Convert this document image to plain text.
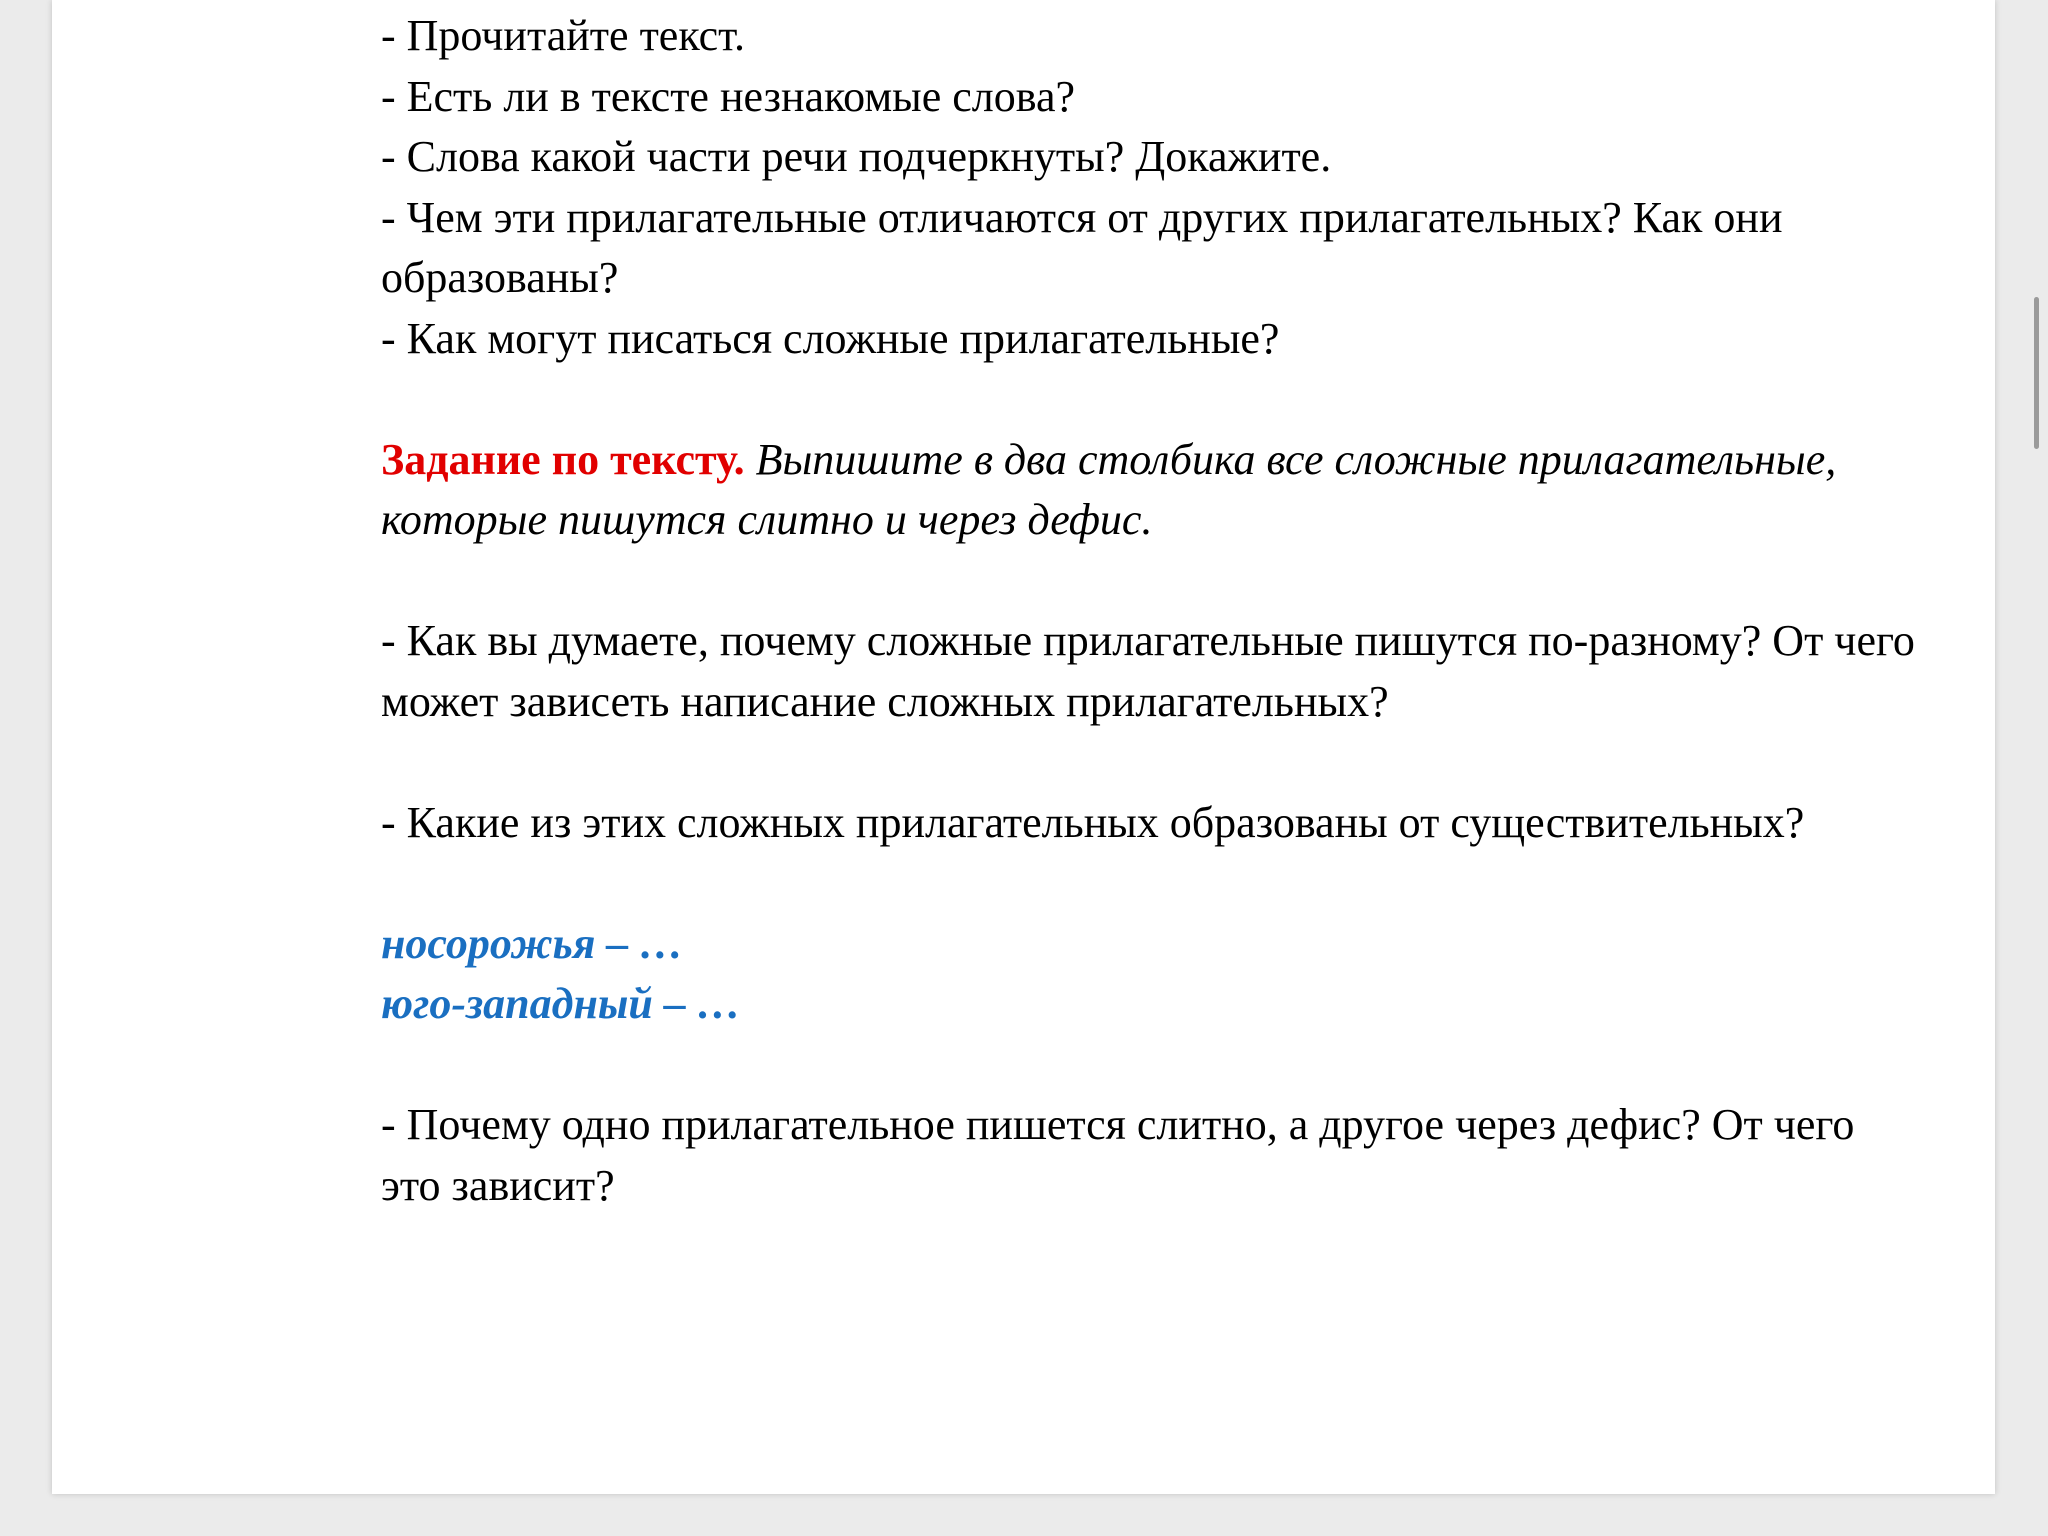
- Прочитайте текст.

- Есть ли в тексте незнакомые слова?

- Слова какой части речи подчеркнуты? Докажите.

- Чем эти прилагательные отличаются от других прилагательных? Как они образованы?

- Как могут писаться сложные прилагательные?

Задание по тексту. Выпишите в два столбика все сложные прилагательные, которые пишутся слитно и через дефис.

- Как вы думаете, почему сложные прилагательные пишутся по-разному? От чего может зависеть написание сложных прилагательных?

- Какие из этих сложных прилагательных образованы от существительных?

носорожья – …

юго-западный – …

- Почему одно прилагательное пишется слитно, а другое через дефис? От чего это зависит?
